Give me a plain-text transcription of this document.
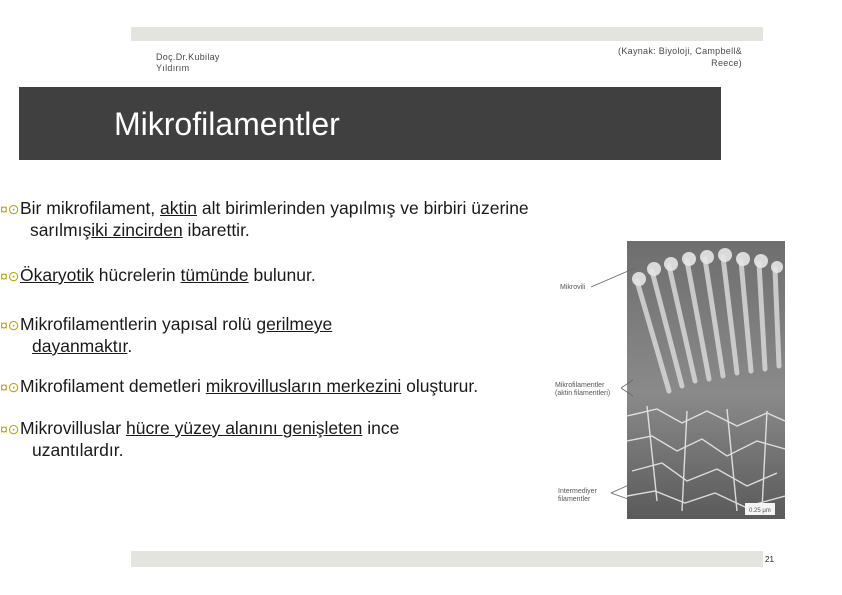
Doç.Dr.Kubilay
Yıldırım
(Kaynak: Biyoloji, Campbell&
Reece)
Mikrofilamentler
¤⊙Bir mikrofilament, aktin alt birimlerinden yapılmış ve birbiri üzerine
sarılmışiki zincirden ibarettir.
¤⊙Ökaryotik hücrelerin tümünde bulunur.
¤⊙Mikrofilamentlerin yapısal rolü gerilmeye
dayanmaktır.
¤⊙Mikrofilament demetleri mikrovillusların merkezini oluşturur.
¤⊙Mikrovilluslar hücre yüzey alanını genişleten ince
uzantılardır.
0.25 μm
Mikrovili
Mikrofilamentler
(aktin filamentleri)
Intermediyer
filamentler
21
